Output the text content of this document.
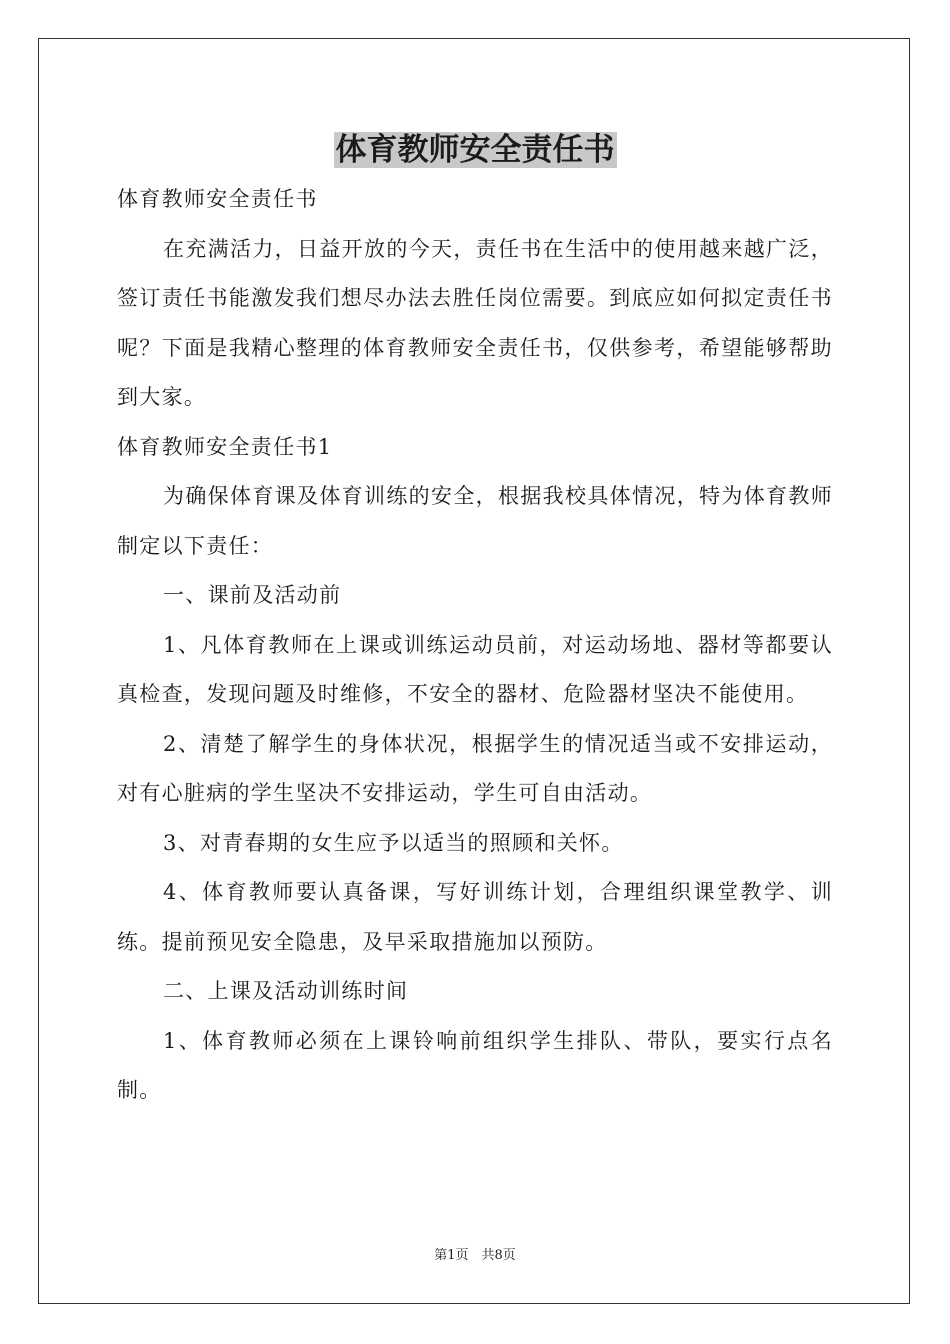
体育教师安全责任书

体育教师安全责任书

在充满活力，日益开放的今天，责任书在生活中的使用越来越广泛，签订责任书能激发我们想尽办法去胜任岗位需要。到底应如何拟定责任书呢？下面是我精心整理的体育教师安全责任书，仅供参考，希望能够帮助到大家。

体育教师安全责任书1

为确保体育课及体育训练的安全，根据我校具体情况，特为体育教师制定以下责任：

一、课前及活动前

1、凡体育教师在上课或训练运动员前，对运动场地、器材等都要认真检查，发现问题及时维修，不安全的器材、危险器材坚决不能使用。

2、清楚了解学生的身体状况，根据学生的情况适当或不安排运动，对有心脏病的学生坚决不安排运动，学生可自由活动。

3、对青春期的女生应予以适当的照顾和关怀。

4、体育教师要认真备课，写好训练计划，合理组织课堂教学、训练。提前预见安全隐患，及早采取措施加以预防。

二、上课及活动训练时间

1、体育教师必须在上课铃响前组织学生排队、带队，要实行点名制。

第1页　共8页
